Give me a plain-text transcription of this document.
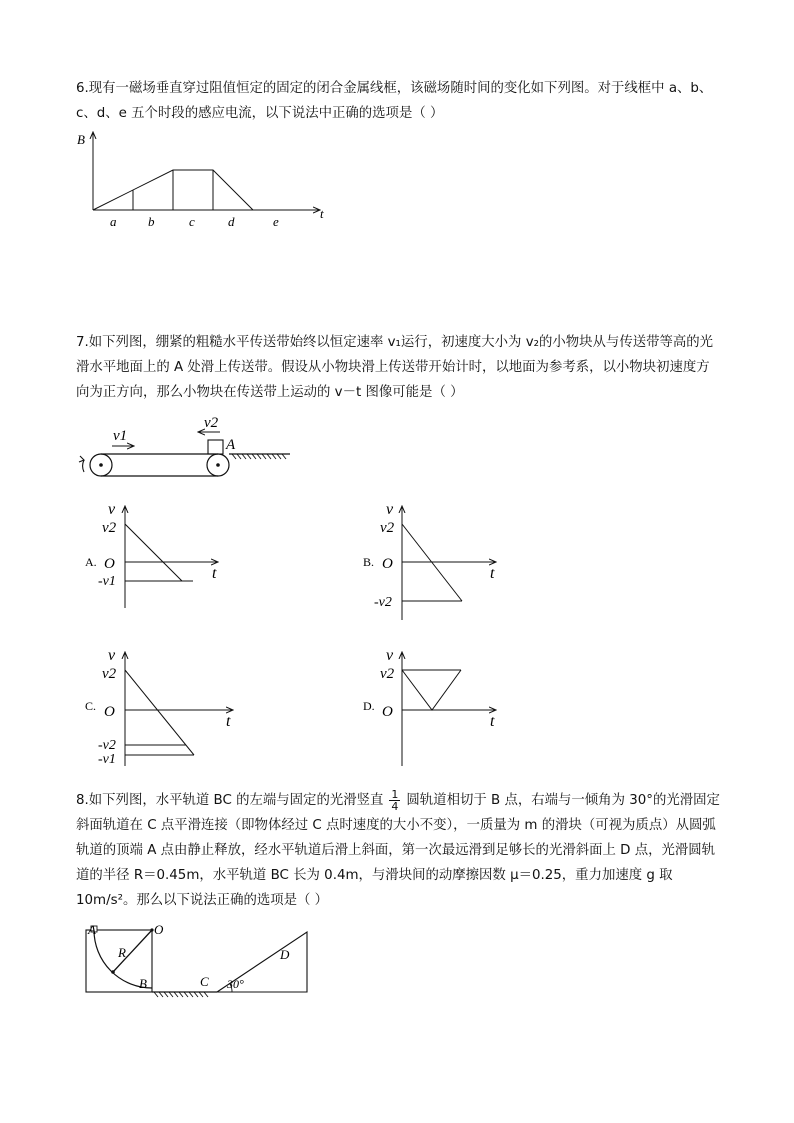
6.现有一磁场垂直穿过阻值恒定的固定的闭合金属线框，该磁场随时间的变化如下列图。对于线框中 a、b、c、d、e 五个时段的感应电流，以下说法中正确的选项是（ ）

B
t
a b	c	d	e

7.如下列图，绷紧的粗糙水平传送带始终以恒定速率 v₁运行，初速度大小为 v₂的小物块从与传送带等高的光滑水平地面上的 A 处滑上传送带。假设从小物块滑上传送带开始计时，以地面为参考系，以小物块初速度方向为正方向，那么小物块在传送带上运动的 v－t 图像可能是（ ）

v1
v2
A
A.
v
v2
O
t
-v1
B.
v
v2
O
t
-v2
C.
v
v2
O
t
-v2
-v1
D.
v
v2
O
t

8.如下列图，水平轨道 BC 的左端与固定的光滑竖直 $\frac{1}{4}$ 圆轨道相切于 B 点，右端与一倾角为 30°的光滑固定斜面轨道在 C 点平滑连接（即物体经过 C 点时速度的大小不变），一质量为 m 的滑块（可视为质点）从圆弧轨道的顶端 A 点由静止释放，经水平轨道后滑上斜面，第一次最远滑到足够长的光滑斜面上 D 点，光滑圆轨道的半径 R＝0.45m，水平轨道 BC 长为 0.4m，与滑块间的动摩擦因数 μ＝0.25，重力加速度 g 取 10m/s²。那么以下说法正确的选项是（ ）

A	O
R
B	C
D
30°
